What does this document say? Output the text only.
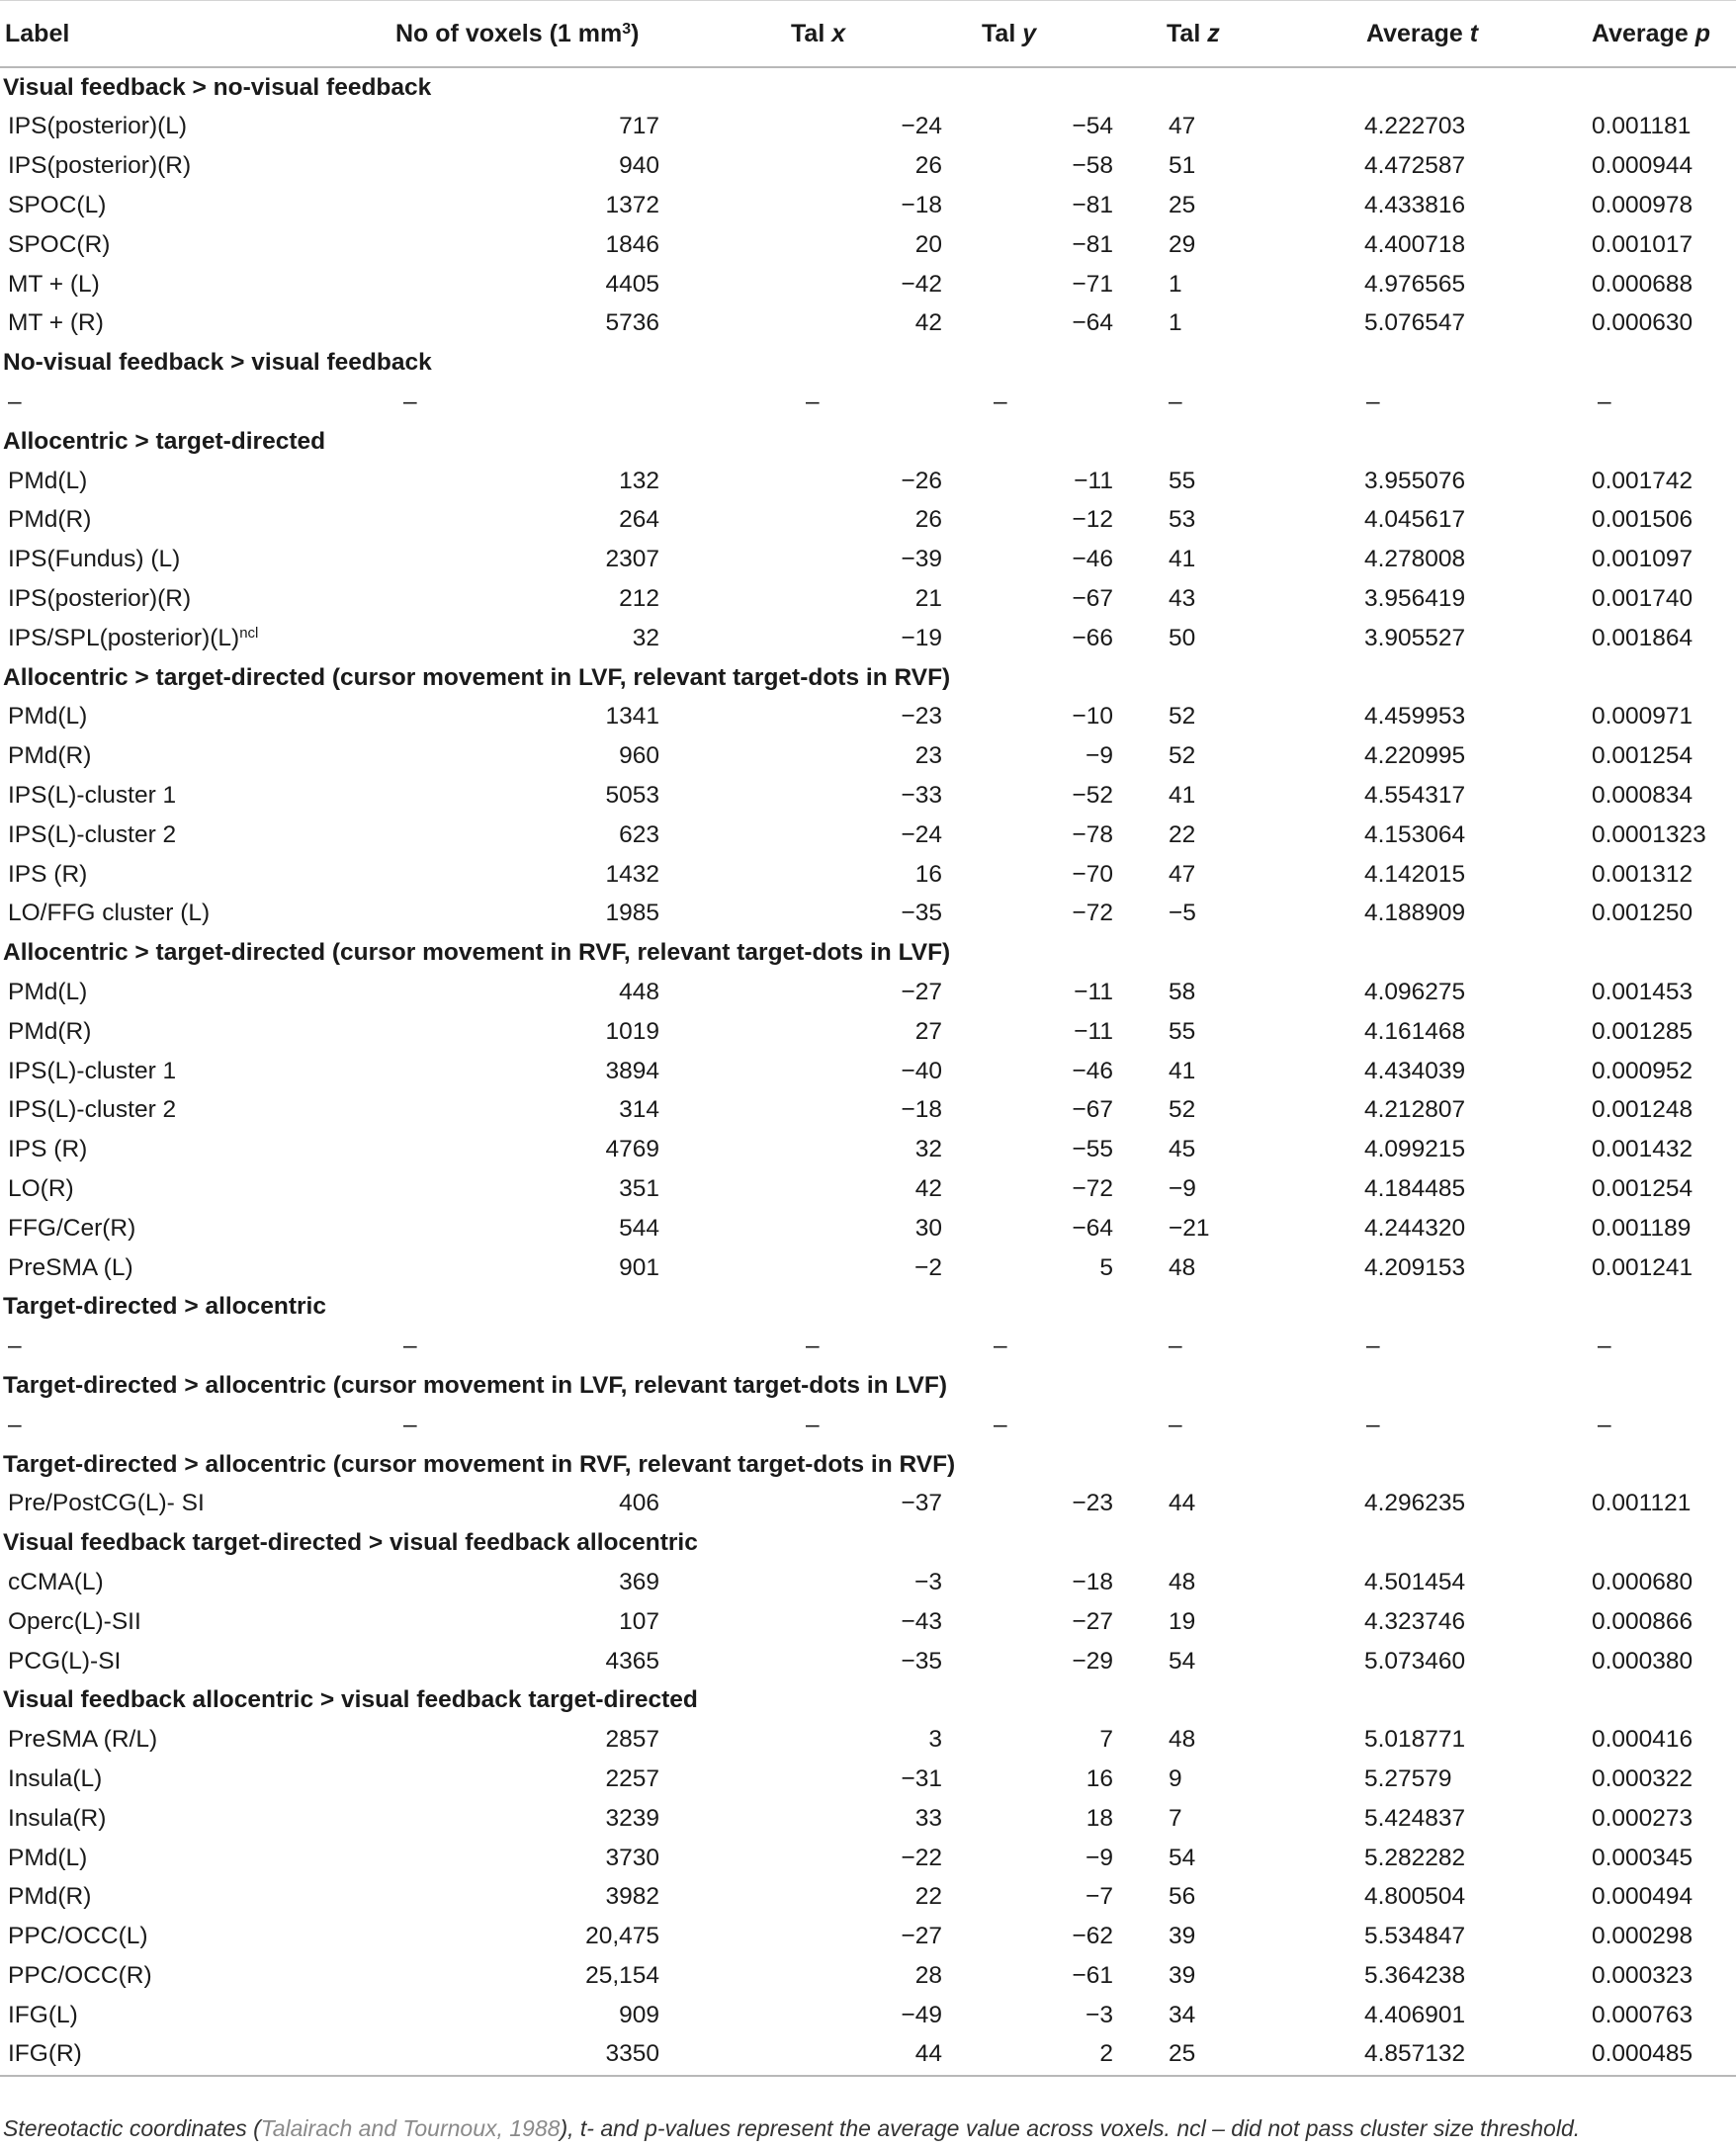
Label	No of voxels (1 $mm^3$)	Tal x	Tal y	Tal z	Average t	Average p
Visual feedback > no-visual feedback						
IPS(posterior)(L)	717	−24	−54	47	4.222703	0.001181
IPS(posterior)(R)	940	26	−58	51	4.472587	0.000944
SPOC(L)	1372	−18	−81	25	4.433816	0.000978
SPOC(R)	1846	20	−81	29	4.400718	0.001017
MT + (L)	4405	−42	−71	1	4.976565	0.000688
MT + (R)	5736	42	−64	1	5.076547	0.000630
No-visual feedback > visual feedback						
–	–	–	–	–	–	–
Allocentric > target-directed						
PMd(L)	132	−26	−11	55	3.955076	0.001742
PMd(R)	264	26	−12	53	4.045617	0.001506
IPS(Fundus) (L)	2307	−39	−46	41	4.278008	0.001097
IPS(posterior)(R)	212	21	−67	43	3.956419	0.001740
IPS/$SPL(posterior)(L)^{ncl}$	32	−19	−66	50	3.905527	0.001864
Allocentric > target-directed (cursor movement in LVF, relevant target-dots in RVF)						
PMd(L)	1341	−23	−10	52	4.459953	0.000971
PMd(R)	960	23	−9	52	4.220995	0.001254
IPS(L)-cluster 1	5053	−33	−52	41	4.554317	0.000834
IPS(L)-cluster 2	623	−24	−78	22	4.153064	0.0001323
IPS (R)	1432	16	−70	47	4.142015	0.001312
LO/FFG cluster (L)	1985	−35	−72	−5	4.188909	0.001250
Allocentric > target-directed (cursor movement in RVF, relevant target-dots in LVF)						
PMd(L)	448	−27	−11	58	4.096275	0.001453
PMd(R)	1019	27	−11	55	4.161468	0.001285
IPS(L)-cluster 1	3894	−40	−46	41	4.434039	0.000952
IPS(L)-cluster 2	314	−18	−67	52	4.212807	0.001248
IPS (R)	4769	32	−55	45	4.099215	0.001432
LO(R)	351	42	−72	−9	4.184485	0.001254
FFG/Cer(R)	544	30	−64	−21	4.244320	0.001189
PreSMA (L)	901	−2	5	48	4.209153	0.001241
Target-directed > allocentric						
–	–	–	–	–	–	–
Target-directed > allocentric (cursor movement in LVF, relevant target-dots in LVF)						
–	–	–	–	–	–	–
Target-directed > allocentric (cursor movement in RVF, relevant target-dots in RVF)						
Pre/PostCG(L)- SI	406	−37	−23	44	4.296235	0.001121
Visual feedback target-directed > visual feedback allocentric						
cCMA(L)	369	−3	−18	48	4.501454	0.000680
Operc(L)-SII	107	−43	−27	19	4.323746	0.000866
PCG(L)-SI	4365	−35	−29	54	5.073460	0.000380
Visual feedback allocentric > visual feedback target-directed						
PreSMA (R/L)	2857	3	7	48	5.018771	0.000416
Insula(L)	2257	−31	16	9	5.27579	0.000322
Insula(R)	3239	33	18	7	5.424837	0.000273
PMd(L)	3730	−22	−9	54	5.282282	0.000345
PMd(R)	3982	22	−7	56	4.800504	0.000494
PPC/OCC(L)	20,475	−27	−62	39	5.534847	0.000298
PPC/OCC(R)	25,154	28	−61	39	5.364238	0.000323
IFG(L)	909	−49	−3	34	4.406901	0.000763
IFG(R)	3350	44	2	25	4.857132	0.000485
Stereotactic coordinates (Talairach and Tournoux, 1988), t- and p-values represent the average value across voxels. ncl – did not pass cluster size threshold.
